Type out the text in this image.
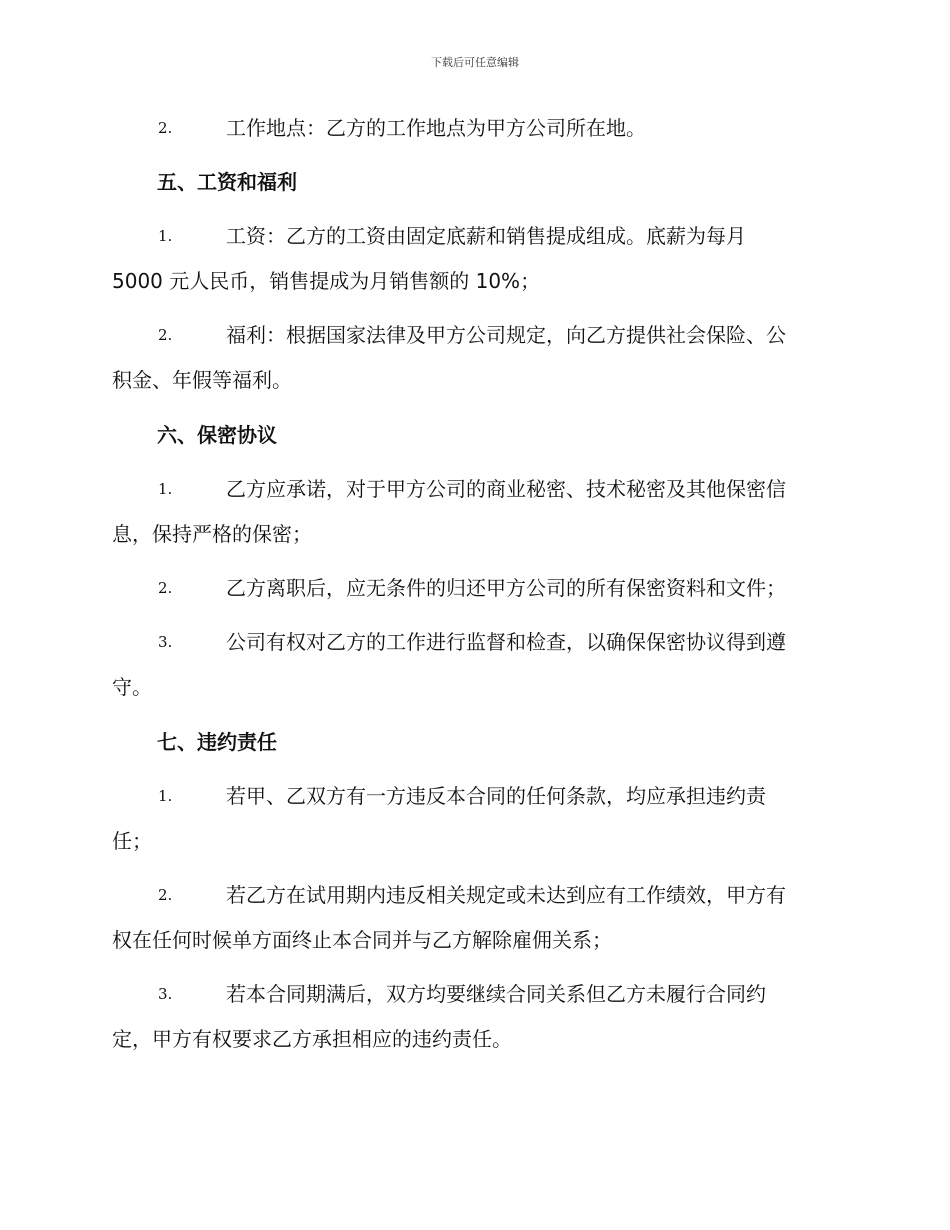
下载后可任意编辑
2.	工作地点：乙方的工作地点为甲方公司所在地。
五、工资和福利
1.	工资：乙方的工资由固定底薪和销售提成组成。底薪为每月
5000 元人民币，销售提成为月销售额的 10%；
2.	福利：根据国家法律及甲方公司规定，向乙方提供社会保险、公
积金、年假等福利。
六、保密协议
1.	乙方应承诺，对于甲方公司的商业秘密、技术秘密及其他保密信
息，保持严格的保密；
2.	乙方离职后，应无条件的归还甲方公司的所有保密资料和文件；
3.	公司有权对乙方的工作进行监督和检查，以确保保密协议得到遵
守。
七、违约责任
1.	若甲、乙双方有一方违反本合同的任何条款，均应承担违约责
任；
2.	若乙方在试用期内违反相关规定或未达到应有工作绩效，甲方有
权在任何时候单方面终止本合同并与乙方解除雇佣关系；
3.	若本合同期满后，双方均要继续合同关系但乙方未履行合同约
定，甲方有权要求乙方承担相应的违约责任。
